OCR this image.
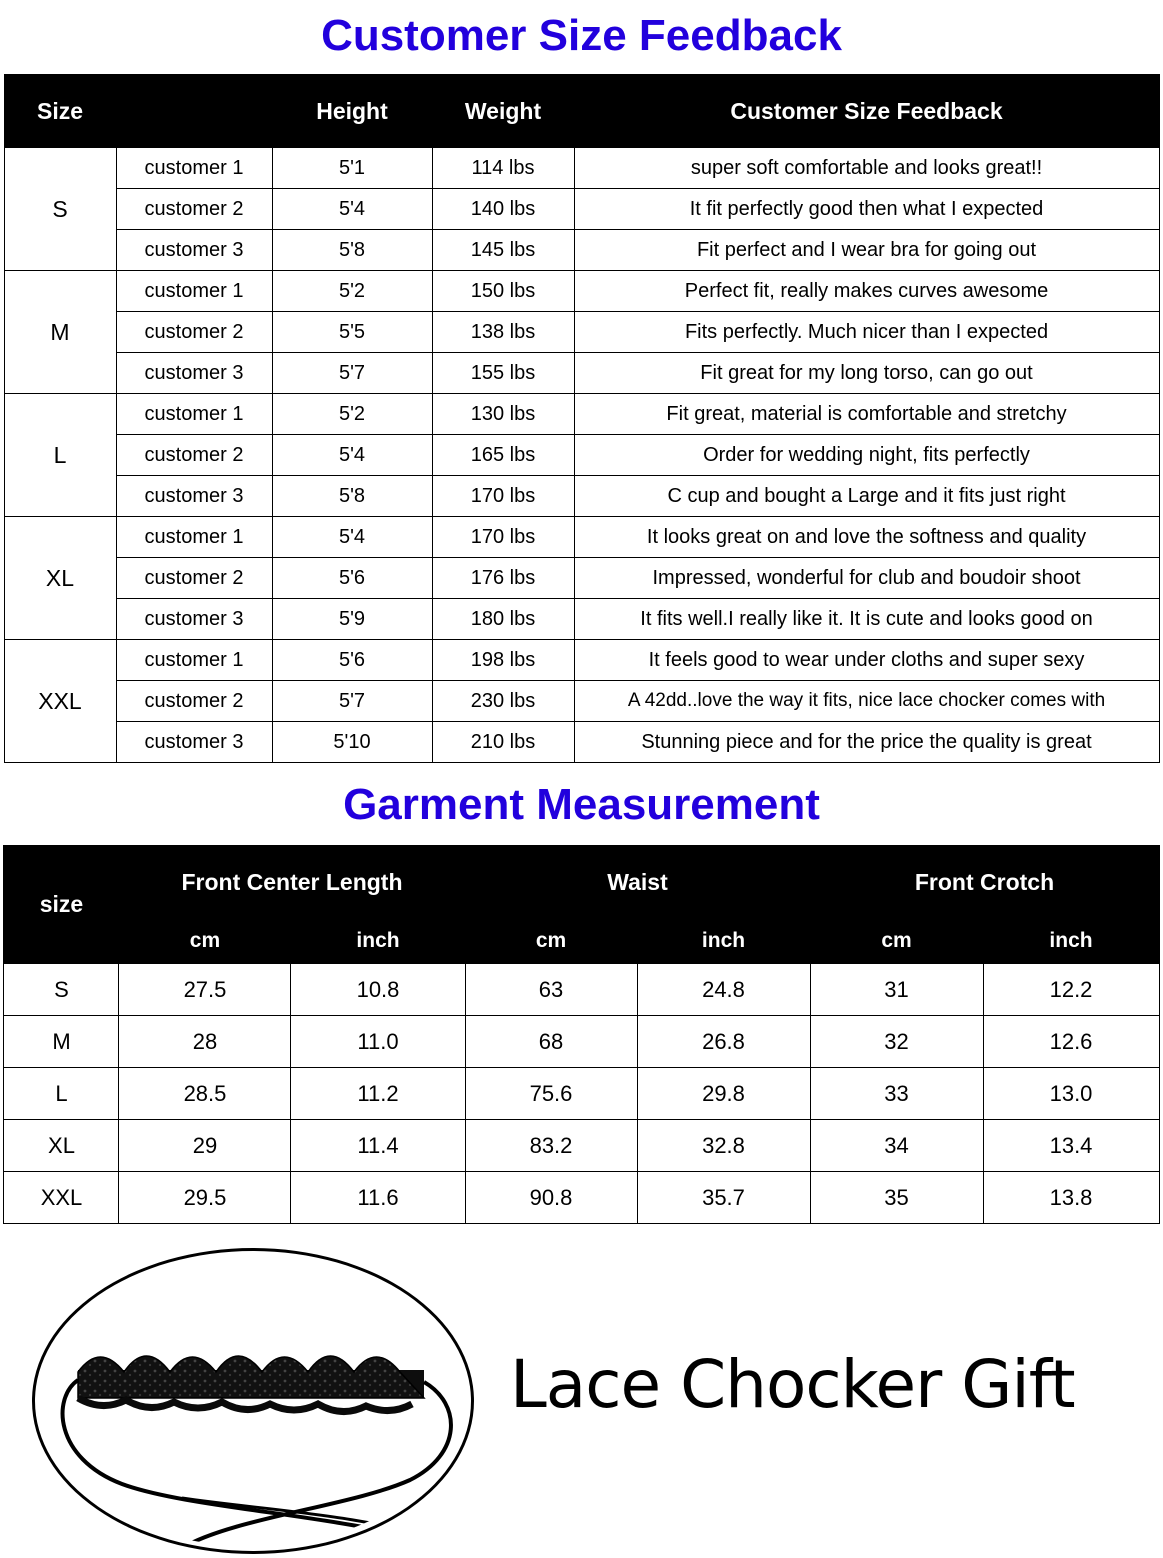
Customer Size Feedback
Size		Height	Weight	Customer Size Feedback
S	customer 1	5'1	114 lbs	super soft comfortable and looks great!!
	customer 2	5'4	140 lbs	It fit perfectly good then what I expected
	customer 3	5'8	145 lbs	Fit perfect and I wear bra for going out
M	customer 1	5'2	150 lbs	Perfect fit, really makes curves awesome
	customer 2	5'5	138 lbs	Fits perfectly. Much nicer than I expected
	customer 3	5'7	155 lbs	Fit great for my long torso, can go out
L	customer 1	5'2	130 lbs	Fit great, material is comfortable and stretchy
	customer 2	5'4	165 lbs	Order for wedding night, fits perfectly
	customer 3	5'8	170 lbs	C cup and bought a Large and it fits just right
XL	customer 1	5'4	170 lbs	It looks great on and love the softness and quality
	customer 2	5'6	176 lbs	Impressed, wonderful for club and boudoir shoot
	customer 3	5'9	180 lbs	It fits well.I really like it. It is cute and looks good on
XXL	customer 1	5'6	198 lbs	It feels good to wear under cloths and super sexy
	customer 2	5'7	230 lbs	A 42dd..love the way it fits, nice lace chocker comes with
	customer 3	5'10	210 lbs	Stunning piece and for the price the quality is great
Garment Measurement
size	Front Center Length		Waist		Front Crotch	
	cm	inch	cm	inch	cm	inch
S	27.5	10.8	63	24.8	31	12.2
M	28	11.0	68	26.8	32	12.6
L	28.5	11.2	75.6	29.8	33	13.0
XL	29	11.4	83.2	32.8	34	13.4
XXL	29.5	11.6	90.8	35.7	35	13.8
Lace Chocker Gift
